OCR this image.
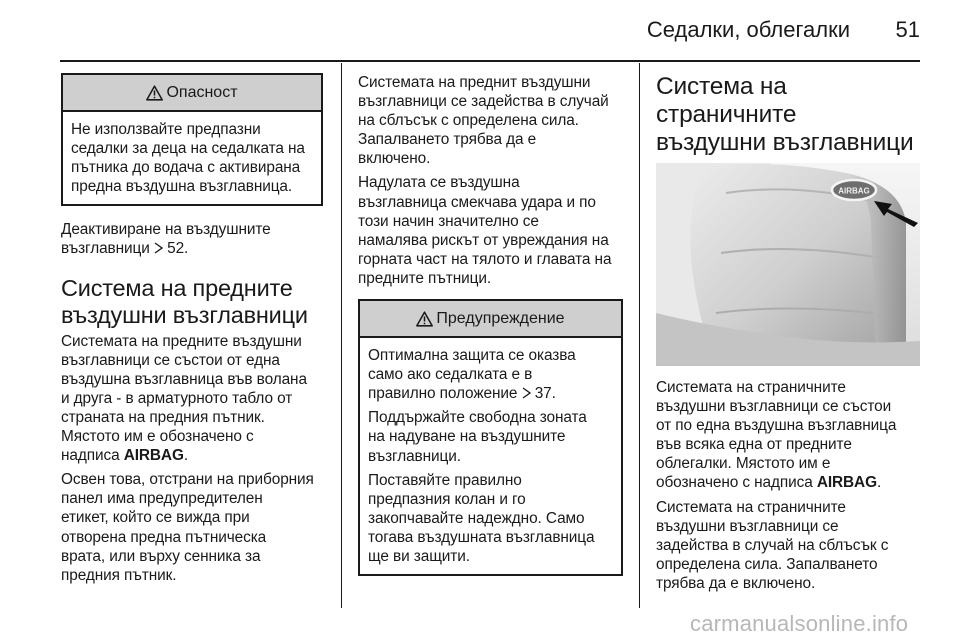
Седалки, облегалки	51
Опасност

Не използвайте предпазни
седалки за деца на седалката на
пътника до водача с активирана
предна въздушна възглавница.

Деактивиране на въздушните
възглавници  52.

Система на предните
въздушни възглавници

Системата на предните въздушни
възглавници се състои от една
въздушна възглавница във волана
и друга - в арматурното табло от
страната на предния пътник.
Мястото им е обозначено с
надписа AIRBAG.

Освен това, отстрани на приборния
панел има предупредителен
етикет, който се вижда при
отворена предна пътническа
врата, или върху сенника за
предния пътник.

Системата на преднит въздушни
възглавници се задейства в случай
на сблъсък с определена сила.
Запалването трябва да е
включено.

Надулата се въздушна
възглавница смекчава удара и по
този начин значително се
намалява рискът от увреждания на
горната част на тялото и главата на
предните пътници.

Предупреждение

Оптимална защита се оказва
само ако седалката е в
правилно положение  37.

Поддържайте свободна зоната
на надуване на въздушните
възглавници.

Поставяйте правилно
предпазния колан и го
закопчавайте надеждно. Само
тогава въздушната възглавница
ще ви защити.

Система на страничните
въздушни възглавници
AIRBAG

Системата на страничните
въздушни възглавници се състои
от по една въздушна възглавница
във всяка една от предните
облегалки. Мястото им е
обозначено с надписа AIRBAG.

Системата на страничните
въздушни възглавници се
задейства в случай на сблъсък с
определена сила. Запалването
трябва да е включено.

carmanualsonline.info
